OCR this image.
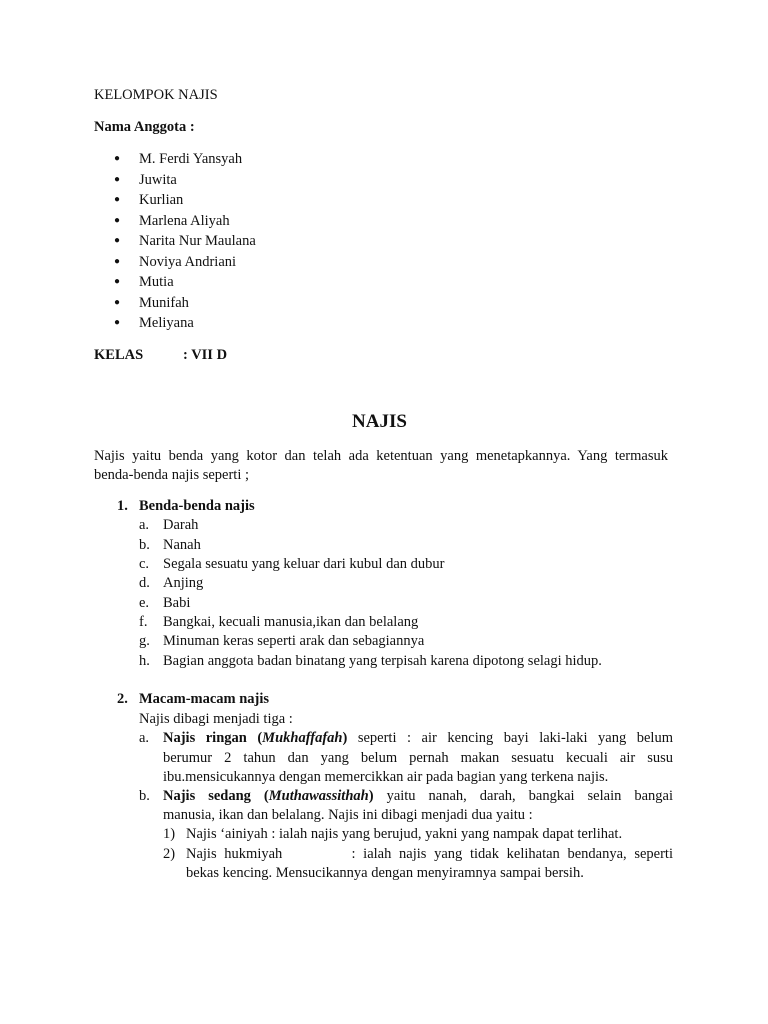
KELOMPOK NAJIS
Nama Anggota :
● M. Ferdi Yansyah
● Juwita
● Kurlian
● Marlena Aliyah
● Narita Nur Maulana
● Noviya Andriani
● Mutia
● Munifah
● Meliyana
KELAS	: VII D
NAJIS
Najis yaitu benda yang kotor dan telah ada ketentuan yang menetapkannya. Yang termasuk
benda-benda najis seperti ;
1. Benda-benda najis
a. Darah
b. Nanah
c. Segala sesuatu yang keluar dari kubul dan dubur
d. Anjing
e. Babi
f. Bangkai, kecuali manusia,ikan dan belalang
g. Minuman keras seperti arak dan sebagiannya
h. Bagian anggota badan binatang yang terpisah karena dipotong selagi hidup.
2. Macam-macam najis
Najis dibagi menjadi tiga :
a. Najis ringan (Mukhaffafah) seperti : air kencing bayi laki-laki yang belum
berumur 2 tahun dan yang belum pernah makan sesuatu kecuali air susu
ibu.mensicukannya dengan memercikkan air pada bagian yang terkena najis.
b. Najis sedang (Muthawassithah) yaitu nanah, darah, bangkai selain bangai
manusia, ikan dan belalang. Najis ini dibagi menjadi dua yaitu :
1) Najis ‘ainiyah : ialah najis yang berujud, yakni yang nampak dapat terlihat.
2) Najis hukmiyah         : ialah najis yang tidak kelihatan bendanya, seperti
bekas kencing. Mensucikannya dengan menyiramnya sampai bersih.
